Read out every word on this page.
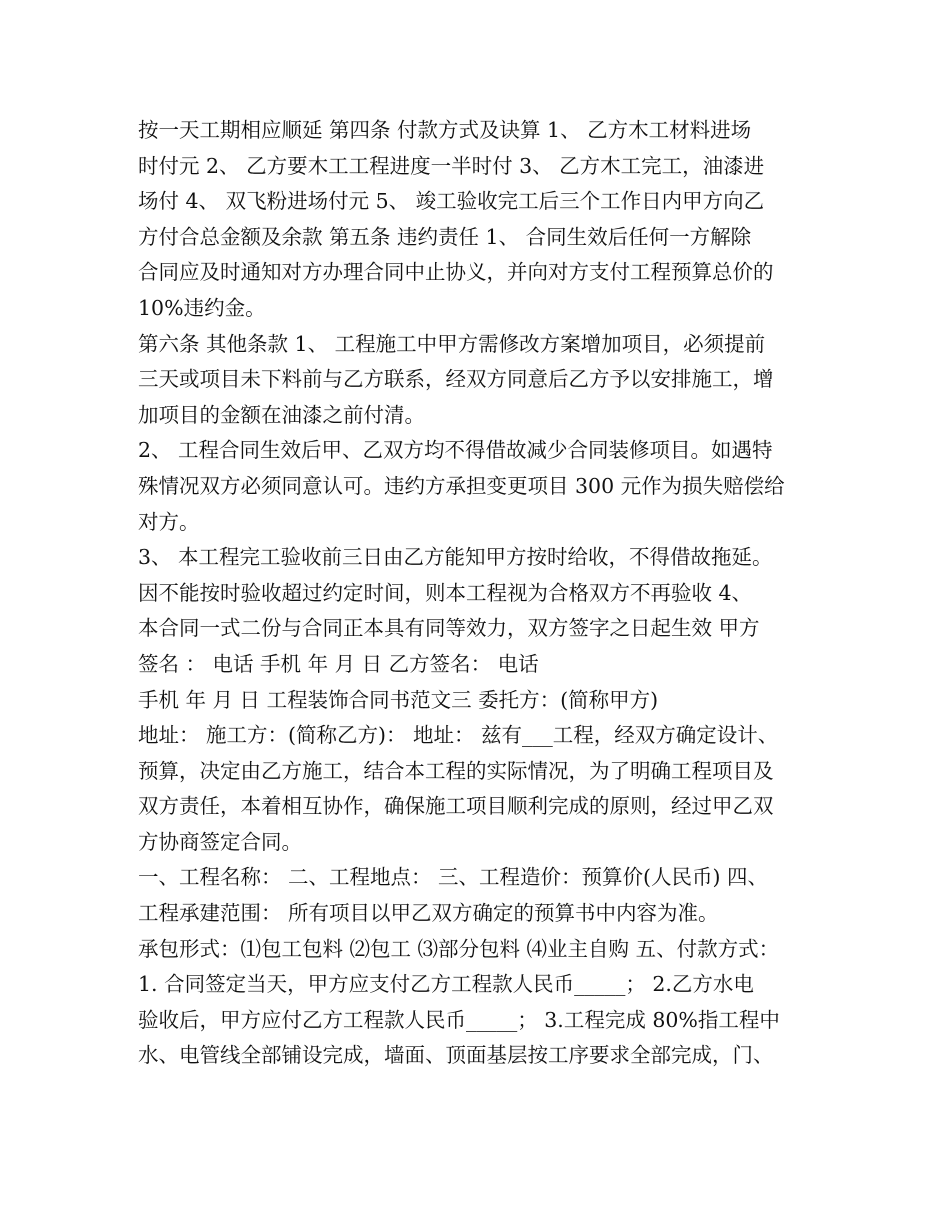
按一天工期相应顺延 第四条 付款方式及诀算 1、 乙方木工材料进场
时付元 2、 乙方要木工工程进度一半时付 3、 乙方木工完工，油漆进
场付 4、 双飞粉进场付元 5、 竣工验收完工后三个工作日内甲方向乙
方付合总金额及余款 第五条 违约责任 1、 合同生效后任何一方解除
合同应及时通知对方办理合同中止协义，并向对方支付工程预算总价的
10%违约金。
第六条 其他条款 1、 工程施工中甲方需修改方案增加项目，必须提前
三天或项目未下料前与乙方联系，经双方同意后乙方予以安排施工，增
加项目的金额在油漆之前付清。
2、 工程合同生效后甲、乙双方均不得借故减少合同装修项目。如遇特
殊情况双方必须同意认可。违约方承担变更项目 300 元作为损失赔偿给
对方。
3、 本工程完工验收前三日由乙方能知甲方按时给收，不得借故拖延。
因不能按时验收超过约定时间，则本工程视为合格双方不再验收 4、
本合同一式二份与合同正本具有同等效力，双方签字之日起生效 甲方
签名 ： 电话 手机 年 月 日 乙方签名： 电话
手机 年 月 日 工程装饰合同书范文三 委托方：(简称甲方)
地址： 施工方：(简称乙方)： 地址： 兹有___工程，经双方确定设计、
预算，决定由乙方施工，结合本工程的实际情况，为了明确工程项目及
双方责任，本着相互协作，确保施工项目顺利完成的原则，经过甲乙双
方协商签定合同。
一、工程名称： 二、工程地点： 三、工程造价：预算价(人民币) 四、
工程承建范围： 所有项目以甲乙双方确定的预算书中内容为准。
承包形式：⑴包工包料 ⑵包工 ⑶部分包料 ⑷业主自购 五、付款方式：
1. 合同签定当天，甲方应支付乙方工程款人民币_____； 2.乙方水电
验收后，甲方应付乙方工程款人民币_____； 3.工程完成 80%指工程中
水、电管线全部铺设完成，墙面、顶面基层按工序要求全部完成，门、
